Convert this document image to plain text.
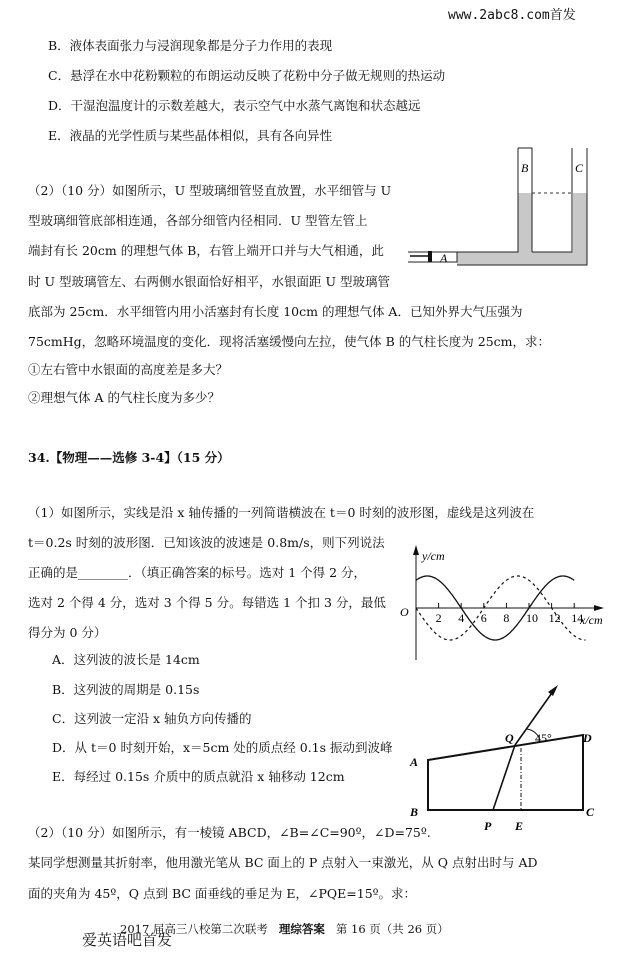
www.2abc8.com首发
B．液体表面张力与浸润现象都是分子力作用的表现
C．悬浮在水中花粉颗粒的布朗运动反映了花粉中分子做无规则的热运动
D．干湿泡温度计的示数差越大，表示空气中水蒸气离饱和状态越远
E．液晶的光学性质与某些晶体相似，具有各向异性
（2）（10 分）如图所示，U 型玻璃细管竖直放置，水平细管与 U
型玻璃细管底部相连通，各部分细管内径相同．U 型管左管上
端封有长 20cm 的理想气体 B，右管上端开口并与大气相通，此
时 U 型玻璃管左、右两侧水银面恰好相平，水银面距 U 型玻璃管
底部为 25cm．水平细管内用小活塞封有长度 10cm 的理想气体 A．已知外界大气压强为
75cmHg，忽略环境温度的变化．现将活塞缓慢向左拉，使气体 B 的气柱长度为 25cm，求：
①左右管中水银面的高度差是多大？
②理想气体 A 的气柱长度为多少？
B	C
A
y/cm
x/cm
O 2 4 6 8 10 12 14
45°
A
B	C
D
Q
P E
34.【物理——选修 3-4】（15 分）
（1）如图所示，实线是沿 x 轴传播的一列简谐横波在 t＝0 时刻的波形图，虚线是这列波在
t＝0.2s 时刻的波形图．已知该波的波速是 0.8m/s，则下列说法
正确的是________．（填正确答案的标号。选对 1 个得 2 分，
选对 2 个得 4 分，选对 3 个得 5 分。每错选 1 个扣 3 分，最低
得分为 0 分）
A．这列波的波长是 14cm
B．这列波的周期是 0.15s
C．这列波一定沿 x 轴负方向传播的
D．从 t＝0 时刻开始，x＝5cm 处的质点经 0.1s 振动到波峰
E．每经过 0.15s 介质中的质点就沿 x 轴移动 12cm
（2）（10 分）如图所示，有一棱镜 ABCD，∠B=∠C=90º，∠D=75º.
某同学想测量其折射率，他用激光笔从 BC 面上的 P 点射入一束激光，从 Q 点射出时与 AD
面的夹角为 45º，Q 点到 BC 面垂线的垂足为 E，∠PQE=15º。求：
2017 届高三八校第二次联考 理综答案 第 16 页（共 26 页）
爱英语吧首发
